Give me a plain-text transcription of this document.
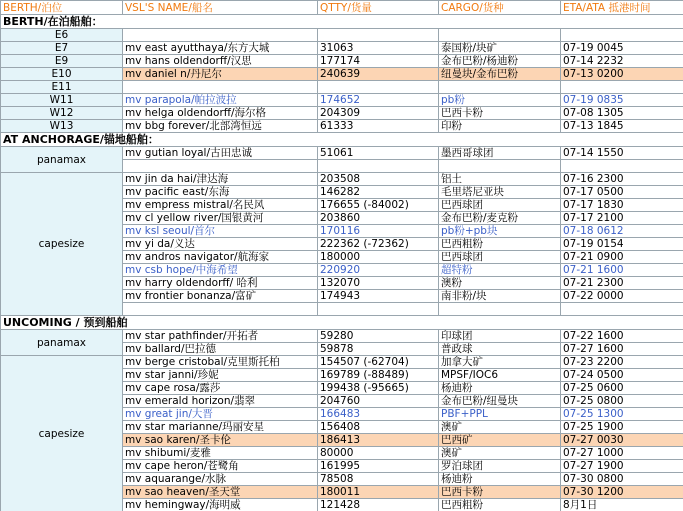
BERTH/泊位	VSL'S NAME/船名	QTTY/货量	CARGO/货种	ETA/ATA 抵港时间
BERTH/在泊船舶：				
E6				
E7	mv east ayutthaya/东方大城	31063	泰国粉/块矿	07-19 0045
E9	mv hans oldendorff/汉思	177174	金布巴粉/杨迪粉	07-14 2232
E10	mv daniel n/丹尼尔	240639	纽曼块/金布巴粉	07-13 0200
E11				
W11	mv parapola/帕拉波拉	174652	pb粉	07-19 0835
W12	mv helga oldendorff/海尔格	204309	巴西卡粉	07-08 1305
W13	mv bbg forever/北部湾恒远	61333	印粉	07-13 1845
AT ANCHORAGE/锚地船舶：				
panamax	mv gutian loyal/古田忠诚	51061	墨西哥球团	07-14 1550

capesize	mv jin da hai/津达海	203508	铝土	07-16 2300
	mv pacific east/东海	146282	毛里塔尼亚块	07-17 0500
	mv empress mistral/名民风	176655 (-84002)	巴西球团	07-17 1830
	mv cl yellow river/国银黄河	203860	金布巴粉/麦克粉	07-17 2100
	mv ksl seoul/首尔	170116	pb粉+pb块	07-18 0612
	mv yi da/义达	222362 (-72362)	巴西粗粉	07-19 0154
	mv andros navigator/航海家	180000	巴西球团	07-21 0900
	mv csb hope/中海希望	220920	超特粉	07-21 1600
	mv harry oldendorff/ 哈利	132070	澳粉	07-21 2300
	mv frontier bonanza/富矿	174943	南非粉/块	07-22 0000

UNCOMING / 预到船舶				
panamax	mv star pathfinder/开拓者	59280	印球团	07-22 1600
	mv ballard/巴拉德	59878	普政球	07-27 1600
capesize	mv berge cristobal/克里斯托柏	154507 (-62704)	加拿大矿	07-23 2200
	mv star janni/珍妮	169789 (-88489)	MPSF/IOC6	07-24 0500
	mv cape rosa/露莎	199438 (-95665)	杨迪粉	07-25 0600
	mv emerald horizon/翡翠	204760	金布巴粉/纽曼块	07-25 0800
	mv great jin/大晋	166483	PBF+PPL	07-25 1300
	mv star marianne/玛丽安星	156408	澳矿	07-25 1900
	mv sao karen/圣卡伦	186413	巴西矿	07-27 0030
	mv shibumi/麦雅	80000	澳矿	07-27 1000
	mv cape heron/苍鹭角	161995	罗泊球团	07-27 1900
	mv aquarange/水脉	78508	杨迪粉	07-30 0800
	mv sao heaven/圣天堂	180011	巴西卡粉	07-30 1200
	mv hemingway/海明威	121428	巴西粗粉	8月1日
